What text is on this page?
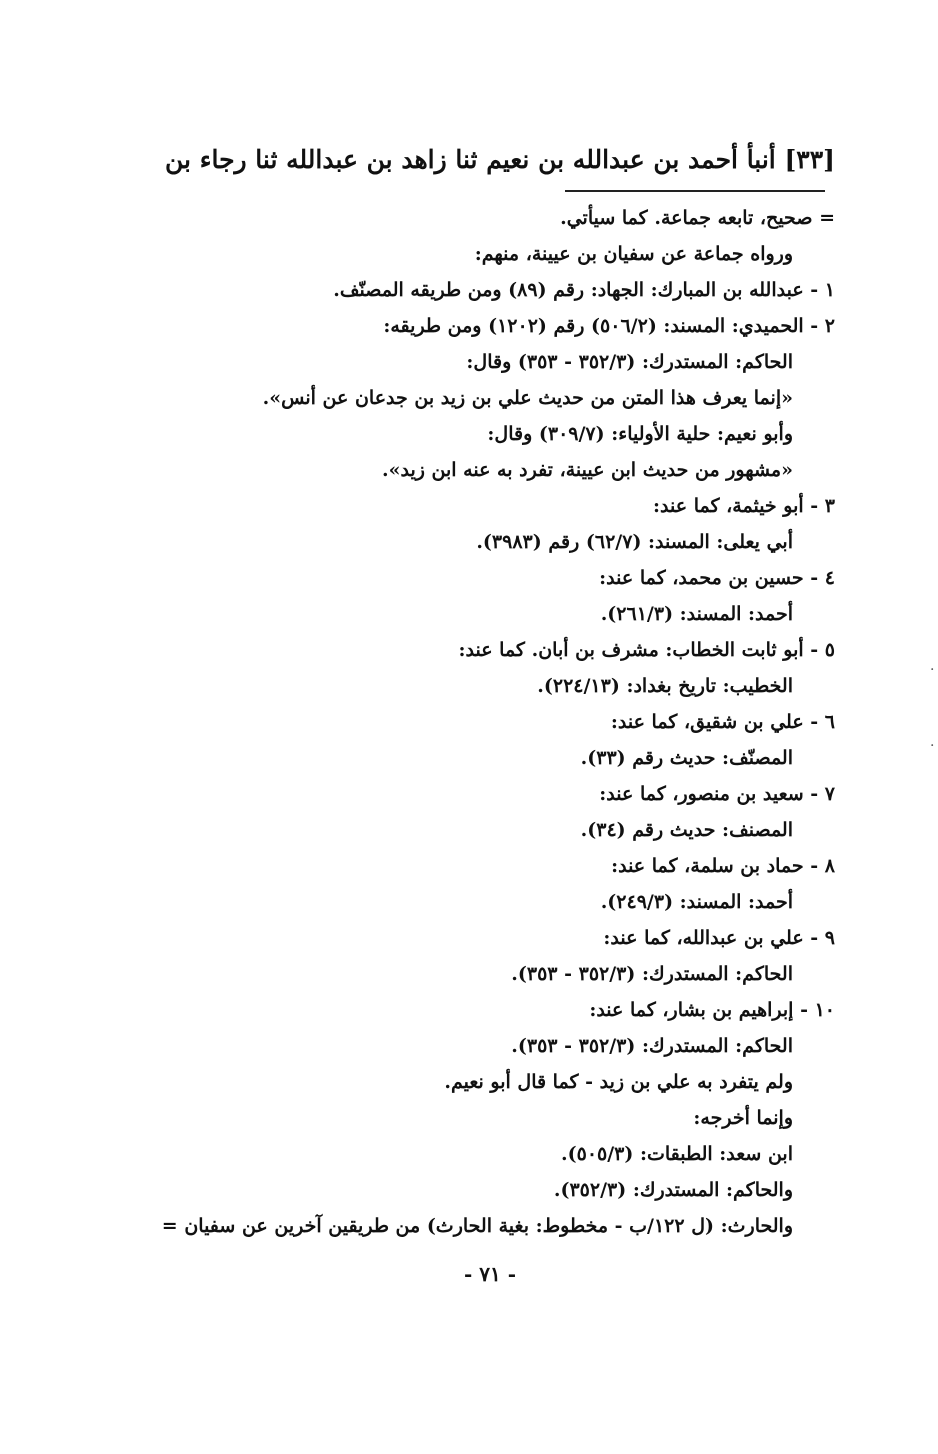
[٣٣] أنبأ أحمد بن عبدالله بن نعيم ثنا زاهد بن عبدالله ثنا رجاء بن
= صحيح، تابعه جماعة. كما سيأتي.
ورواه جماعة عن سفيان بن عيينة، منهم:
١ - عبدالله بن المبارك: الجهاد: رقم (٨٩) ومن طريقه المصنّف.
٢ - الحميدي: المسند: (٥٠٦/٢) رقم (١٢٠٢) ومن طريقه:
الحاكم: المستدرك: (٣٥٢/٣ - ٣٥٣) وقال:
«إنما يعرف هذا المتن من حديث علي بن زيد بن جدعان عن أنس».
وأبو نعيم: حلية الأولياء: (٣٠٩/٧) وقال:
«مشهور من حديث ابن عيينة، تفرد به عنه ابن زيد».
٣ - أبو خيثمة، كما عند:
أبي يعلى: المسند: (٦٢/٧) رقم (٣٩٨٣).
٤ - حسين بن محمد، كما عند:
أحمد: المسند: (٢٦١/٣).
٥ - أبو ثابت الخطاب: مشرف بن أبان. كما عند:
الخطيب: تاريخ بغداد: (٢٢٤/١٣).
٦ - علي بن شقيق، كما عند:
المصنّف: حديث رقم (٣٣).
٧ - سعيد بن منصور، كما عند:
المصنف: حديث رقم (٣٤).
٨ - حماد بن سلمة، كما عند:
أحمد: المسند: (٢٤٩/٣).
٩ - علي بن عبدالله، كما عند:
الحاكم: المستدرك: (٣٥٢/٣ - ٣٥٣).
١٠ - إبراهيم بن بشار، كما عند:
الحاكم: المستدرك: (٣٥٢/٣ - ٣٥٣).
ولم يتفرد به علي بن زيد - كما قال أبو نعيم.
وإنما أخرجه:
ابن سعد: الطبقات: (٥٠٥/٣).
والحاكم: المستدرك: (٣٥٢/٣).
والحارث: (ل ١٢٢/ب - مخطوط: بغية الحارث) من طريقين آخرين عن سفيان =
- ٧١ -
·
·
